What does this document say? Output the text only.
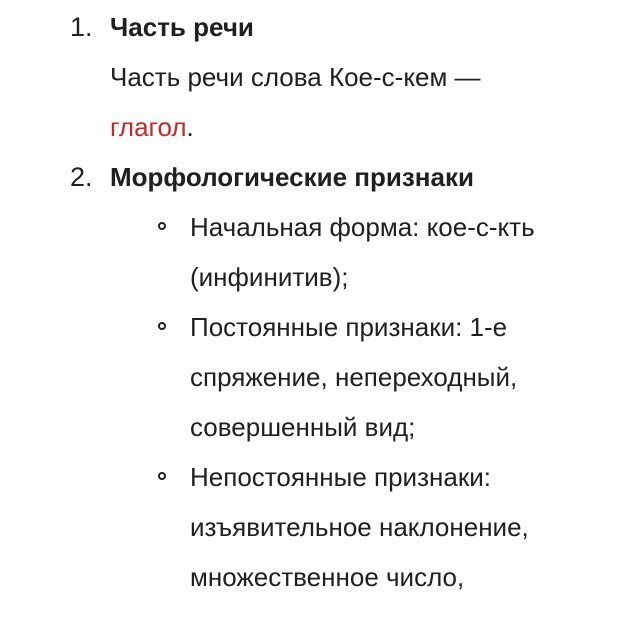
1. Часть речи

Часть речи слова Кое-с-кем —
глагол.

2. Морфологические признаки

Начальная форма: кое-с-кть
(инфинитив);

Постоянные признаки: 1-е
спряжение, непереходный,
совершенный вид;

Непостоянные признаки:
изъявительное наклонение,
множественное число,
